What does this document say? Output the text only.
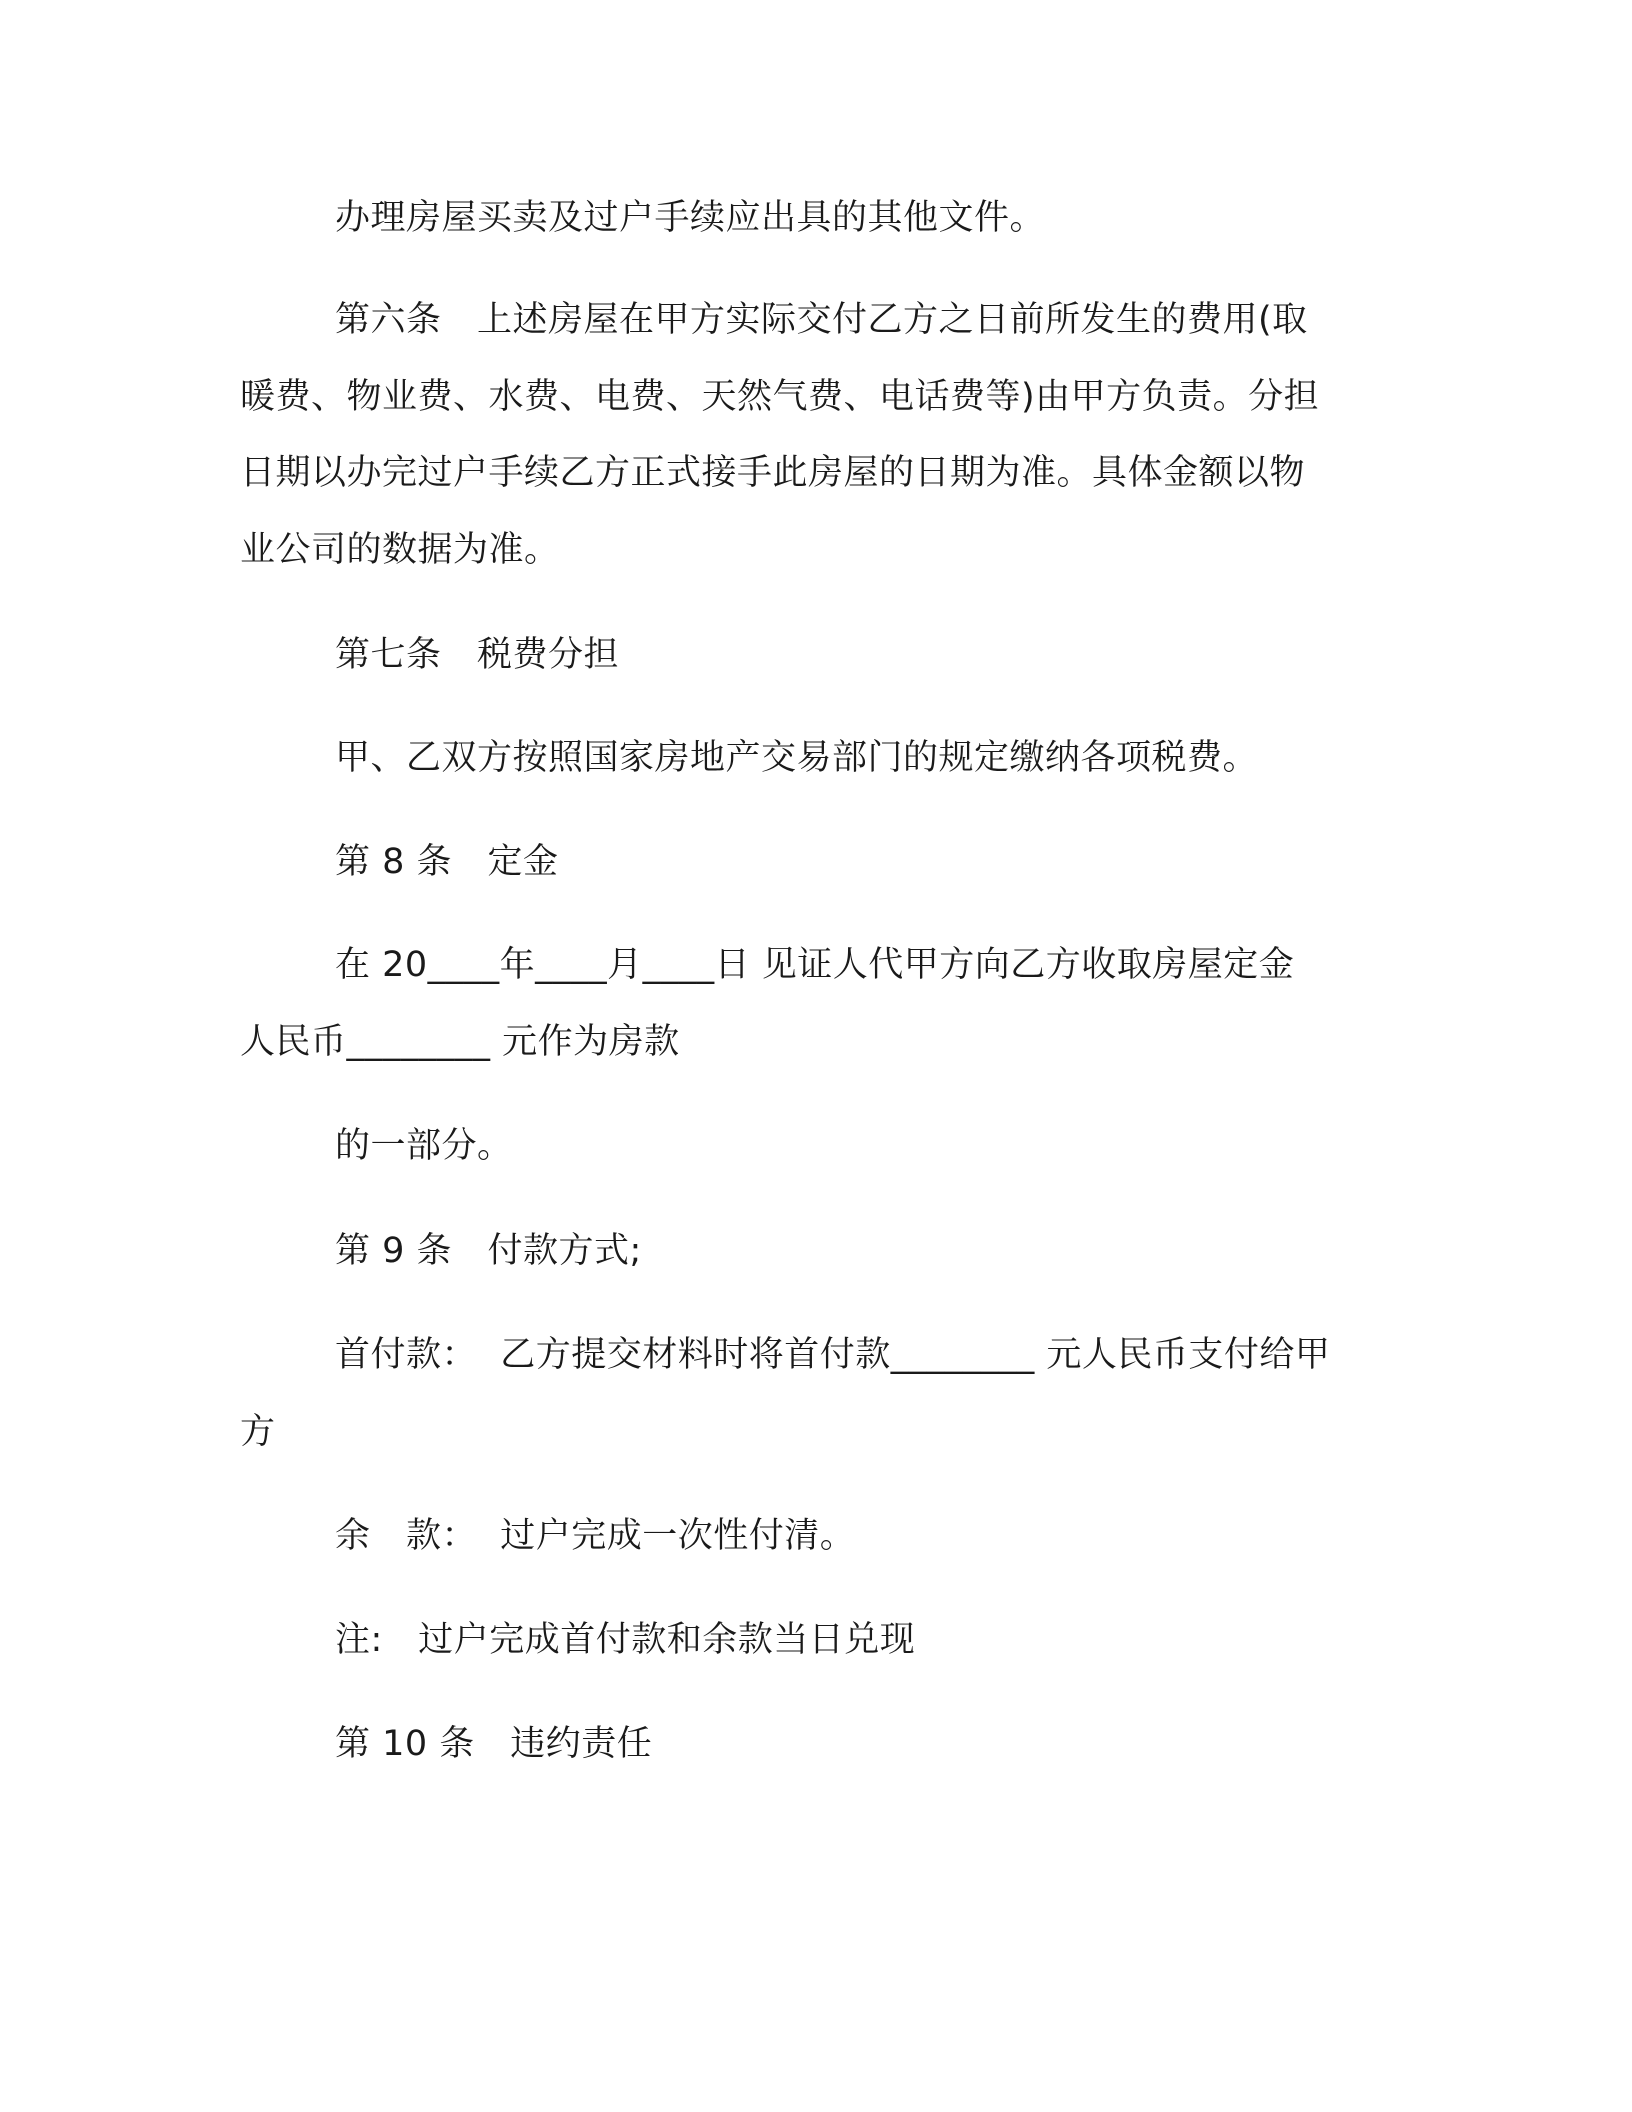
办理房屋买卖及过户手续应出具的其他文件。
第六条　上述房屋在甲方实际交付乙方之日前所发生的费用(取
暖费、物业费、水费、电费、天然气费、电话费等)由甲方负责。分担
日期以办完过户手续乙方正式接手此房屋的日期为准。具体金额以物
业公司的数据为准。
第七条　税费分担
甲、乙双方按照国家房地产交易部门的规定缴纳各项税费。
第 8 条　定金
在 20____年____月____日 见证人代甲方向乙方收取房屋定金
人民币________ 元作为房款
的一部分。
第 9 条　付款方式;
首付款：  乙方提交材料时将首付款________ 元人民币支付给甲
方
余　款：  过户完成一次性付清。
注:　过户完成首付款和余款当日兑现
第 10 条　违约责任
